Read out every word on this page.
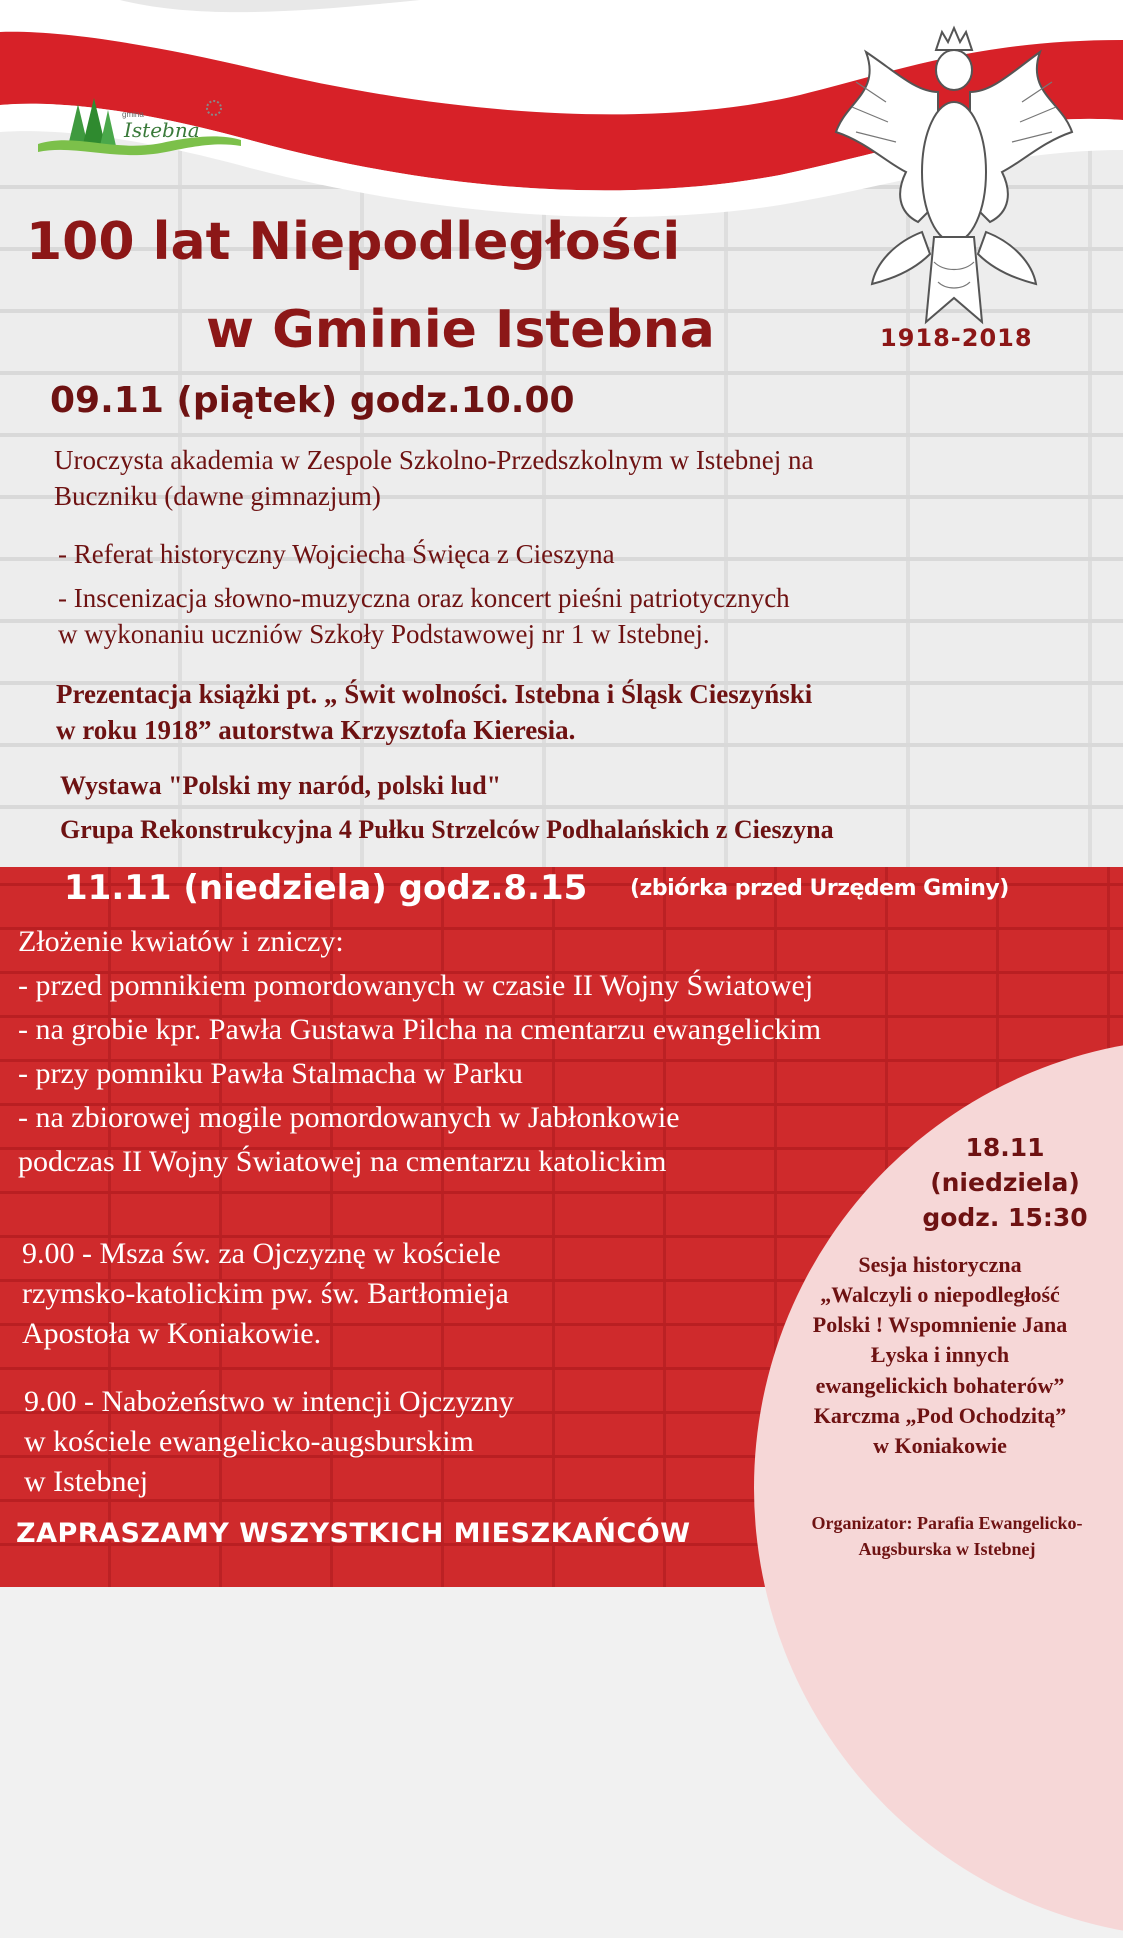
gmina
Istebna
1918-2018
100 lat Niepodległości
w Gminie Istebna
09.11 (piątek) godz.10.00
Uroczysta akademia w Zespole Szkolno-Przedszkolnym w Istebnej na
Buczniku (dawne gimnazjum)
- Referat historyczny Wojciecha Święca z Cieszyna
- Inscenizacja słowno-muzyczna oraz koncert pieśni patriotycznych
w wykonaniu uczniów Szkoły Podstawowej nr 1 w Istebnej.
Prezentacja książki pt. „ Świt wolności. Istebna i Śląsk Cieszyński
w roku 1918” autorstwa Krzysztofa Kieresia.
Wystawa "Polski my naród, polski lud"
Grupa Rekonstrukcyjna 4 Pułku Strzelców Podhalańskich z Cieszyna
11.11 (niedziela) godz.8.15 (zbiórka przed Urzędem Gminy)
Złożenie kwiatów i zniczy:
- przed pomnikiem pomordowanych w czasie II Wojny Światowej
- na grobie kpr. Pawła Gustawa Pilcha na cmentarzu ewangelickim
- przy pomniku Pawła Stalmacha w Parku
- na zbiorowej mogile pomordowanych w Jabłonkowie
podczas II Wojny Światowej na cmentarzu katolickim
9.00 - Msza św. za Ojczyznę w kościele
rzymsko-katolickim pw. św. Bartłomieja
Apostoła w Koniakowie.
9.00 - Nabożeństwo w intencji Ojczyzny
w kościele ewangelicko-augsburskim
w Istebnej
18.11
(niedziela)
godz. 15:30
Sesja historyczna
„Walczyli o niepodległość
Polski ! Wspomnienie Jana
Łyska i innych
ewangelickich bohaterów”
Karczma „Pod Ochodzitą”
w Koniakowie
Organizator: Parafia Ewangelicko-
Augsburska w Istebnej
ZAPRASZAMY WSZYSTKICH MIESZKAŃCÓW
